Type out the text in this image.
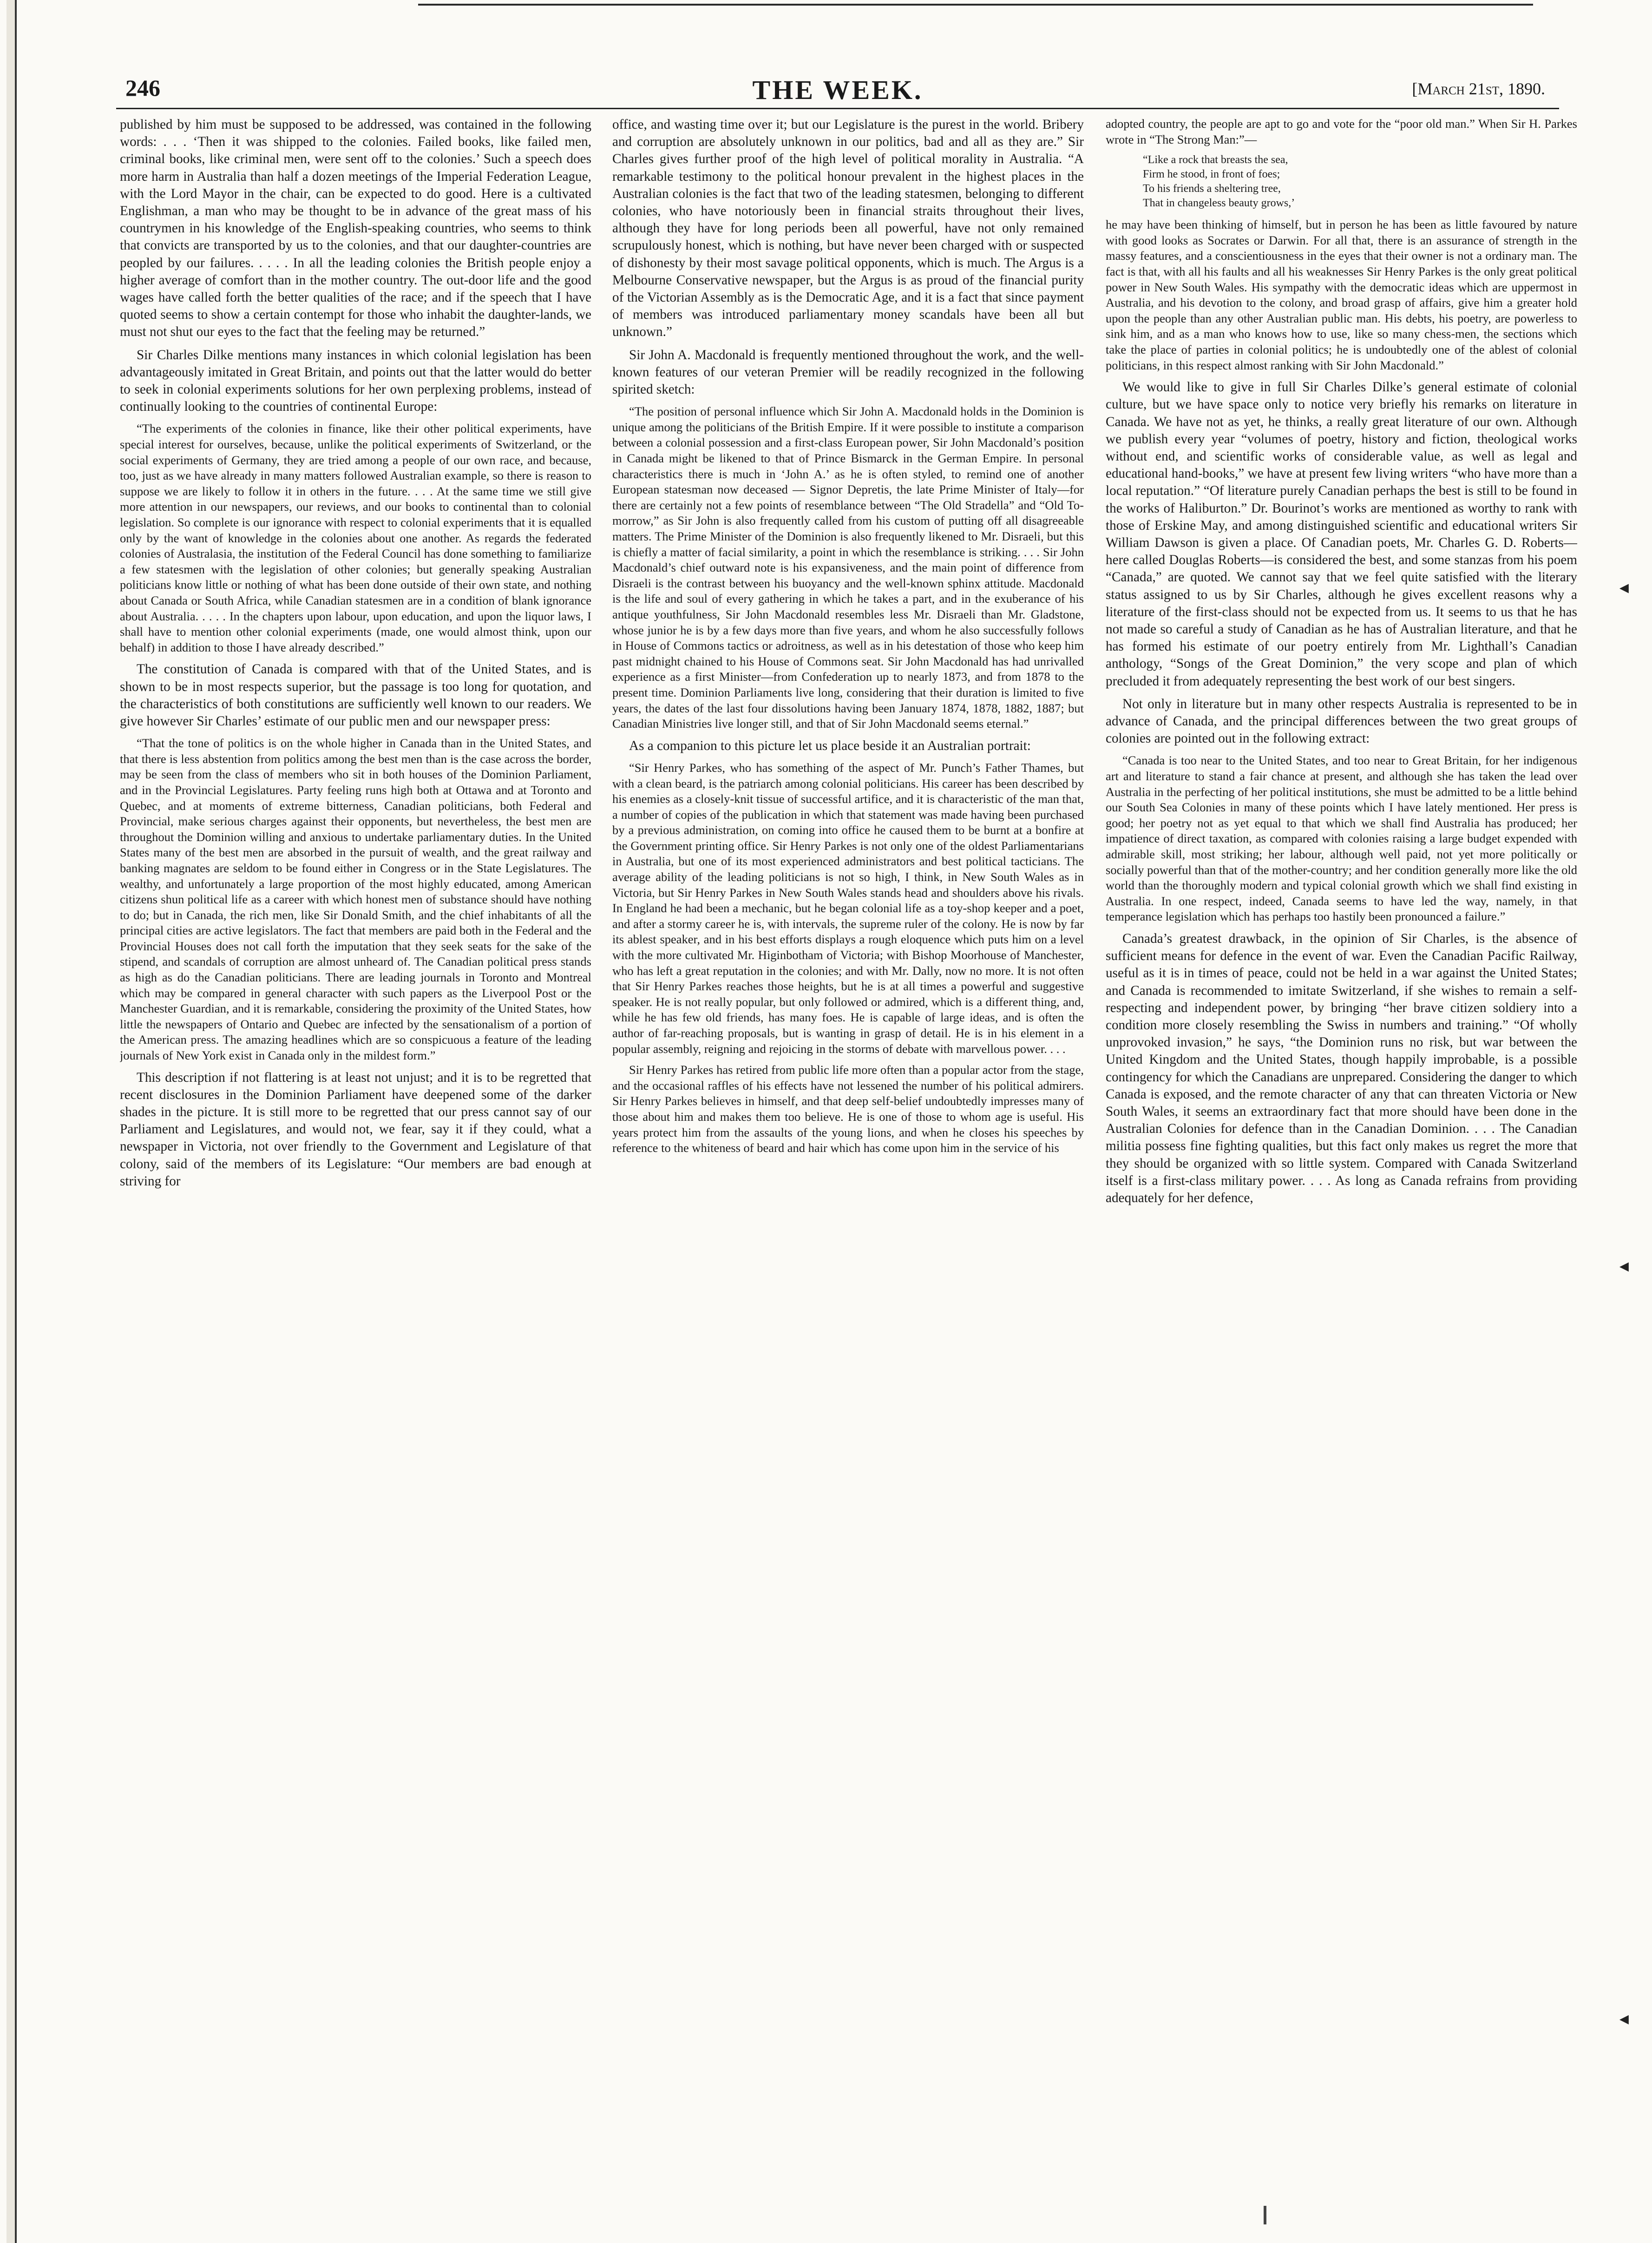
246	THE WEEK.	[March 21st, 1890.

published by him must be supposed to be addressed, was contained in the following words: . . . ‘Then it was shipped to the colonies. Failed books, like failed men, criminal books, like criminal men, were sent off to the colonies.’ Such a speech does more harm in Australia than half a dozen meetings of the Imperial Federation League, with the Lord Mayor in the chair, can be expected to do good. Here is a cultivated Englishman, a man who may be thought to be in advance of the great mass of his countrymen in his knowledge of the English-speaking countries, who seems to think that convicts are transported by us to the colonies, and that our daughter-countries are peopled by our failures. . . . . In all the leading colonies the British people enjoy a higher average of comfort than in the mother country. The out-door life and the good wages have called forth the better qualities of the race; and if the speech that I have quoted seems to show a certain contempt for those who inhabit the daughter-lands, we must not shut our eyes to the fact that the feeling may be returned.”

Sir Charles Dilke mentions many instances in which colonial legislation has been advantageously imitated in Great Britain, and points out that the latter would do better to seek in colonial experiments solutions for her own perplexing problems, instead of continually looking to the countries of continental Europe:

“The experiments of the colonies in finance, like their other political experiments, have special interest for ourselves, because, unlike the political experiments of Switzerland, or the social experiments of Germany, they are tried among a people of our own race, and because, too, just as we have already in many matters followed Australian example, so there is reason to suppose we are likely to follow it in others in the future. . . . At the same time we still give more attention in our newspapers, our reviews, and our books to continental than to colonial legislation. So complete is our ignorance with respect to colonial experiments that it is equalled only by the want of knowledge in the colonies about one another. As regards the federated colonies of Australasia, the institution of the Federal Council has done something to familiarize a few statesmen with the legislation of other colonies; but generally speaking Australian politicians know little or nothing of what has been done outside of their own state, and nothing about Canada or South Africa, while Canadian statesmen are in a condition of blank ignorance about Australia. . . . . In the chapters upon labour, upon education, and upon the liquor laws, I shall have to mention other colonial experiments (made, one would almost think, upon our behalf) in addition to those I have already described.”

The constitution of Canada is compared with that of the United States, and is shown to be in most respects superior, but the passage is too long for quotation, and the characteristics of both constitutions are sufficiently well known to our readers. We give however Sir Charles’ estimate of our public men and our newspaper press:

“That the tone of politics is on the whole higher in Canada than in the United States, and that there is less abstention from politics among the best men than is the case across the border, may be seen from the class of members who sit in both houses of the Dominion Parliament, and in the Provincial Legislatures. Party feeling runs high both at Ottawa and at Toronto and Quebec, and at moments of extreme bitterness, Canadian politicians, both Federal and Provincial, make serious charges against their opponents, but nevertheless, the best men are throughout the Dominion willing and anxious to undertake parliamentary duties. In the United States many of the best men are absorbed in the pursuit of wealth, and the great railway and banking magnates are seldom to be found either in Congress or in the State Legislatures. The wealthy, and unfortunately a large proportion of the most highly educated, among American citizens shun political life as a career with which honest men of substance should have nothing to do; but in Canada, the rich men, like Sir Donald Smith, and the chief inhabitants of all the principal cities are active legislators. The fact that members are paid both in the Federal and the Provincial Houses does not call forth the imputation that they seek seats for the sake of the stipend, and scandals of corruption are almost unheard of. The Canadian political press stands as high as do the Canadian politicians. There are leading journals in Toronto and Montreal which may be compared in general character with such papers as the Liverpool Post or the Manchester Guardian, and it is remarkable, considering the proximity of the United States, how little the newspapers of Ontario and Quebec are infected by the sensationalism of a portion of the American press. The amazing headlines which are so conspicuous a feature of the leading journals of New York exist in Canada only in the mildest form.”

This description if not flattering is at least not unjust; and it is to be regretted that recent disclosures in the Dominion Parliament have deepened some of the darker shades in the picture. It is still more to be regretted that our press cannot say of our Parliament and Legislatures, and would not, we fear, say it if they could, what a newspaper in Victoria, not over friendly to the Government and Legislature of that colony, said of the members of its Legislature: “Our members are bad enough at striving for

office, and wasting time over it; but our Legislature is the purest in the world. Bribery and corruption are absolutely unknown in our politics, bad and all as they are.” Sir Charles gives further proof of the high level of political morality in Australia. “A remarkable testimony to the political honour prevalent in the highest places in the Australian colonies is the fact that two of the leading statesmen, belonging to different colonies, who have notoriously been in financial straits throughout their lives, although they have for long periods been all powerful, have not only remained scrupulously honest, which is nothing, but have never been charged with or suspected of dishonesty by their most savage political opponents, which is much. The Argus is a Melbourne Conservative newspaper, but the Argus is as proud of the financial purity of the Victorian Assembly as is the Democratic Age, and it is a fact that since payment of members was introduced parliamentary money scandals have been all but unknown.”

Sir John A. Macdonald is frequently mentioned throughout the work, and the well-known features of our veteran Premier will be readily recognized in the following spirited sketch:

“The position of personal influence which Sir John A. Macdonald holds in the Dominion is unique among the politicians of the British Empire. If it were possible to institute a comparison between a colonial possession and a first-class European power, Sir John Macdonald’s position in Canada might be likened to that of Prince Bismarck in the German Empire. In personal characteristics there is much in ‘John A.’ as he is often styled, to remind one of another European statesman now deceased — Signor Depretis, the late Prime Minister of Italy—for there are certainly not a few points of resemblance between “The Old Stradella” and “Old To-morrow,” as Sir John is also frequently called from his custom of putting off all disagreeable matters. The Prime Minister of the Dominion is also frequently likened to Mr. Disraeli, but this is chiefly a matter of facial similarity, a point in which the resemblance is striking. . . . Sir John Macdonald’s chief outward note is his expansiveness, and the main point of difference from Disraeli is the contrast between his buoyancy and the well-known sphinx attitude. Macdonald is the life and soul of every gathering in which he takes a part, and in the exuberance of his antique youthfulness, Sir John Macdonald resembles less Mr. Disraeli than Mr. Gladstone, whose junior he is by a few days more than five years, and whom he also successfully follows in House of Commons tactics or adroitness, as well as in his detestation of those who keep him past midnight chained to his House of Commons seat. Sir John Macdonald has had unrivalled experience as a first Minister—from Confederation up to nearly 1873, and from 1878 to the present time. Dominion Parliaments live long, considering that their duration is limited to five years, the dates of the last four dissolutions having been January 1874, 1878, 1882, 1887; but Canadian Ministries live longer still, and that of Sir John Macdonald seems eternal.”

As a companion to this picture let us place beside it an Australian portrait:

“Sir Henry Parkes, who has something of the aspect of Mr. Punch’s Father Thames, but with a clean beard, is the patriarch among colonial politicians. His career has been described by his enemies as a closely-knit tissue of successful artifice, and it is characteristic of the man that, a number of copies of the publication in which that statement was made having been purchased by a previous administration, on coming into office he caused them to be burnt at a bonfire at the Government printing office. Sir Henry Parkes is not only one of the oldest Parliamentarians in Australia, but one of its most experienced administrators and best political tacticians. The average ability of the leading politicians is not so high, I think, in New South Wales as in Victoria, but Sir Henry Parkes in New South Wales stands head and shoulders above his rivals. In England he had been a mechanic, but he began colonial life as a toy-shop keeper and a poet, and after a stormy career he is, with intervals, the supreme ruler of the colony. He is now by far its ablest speaker, and in his best efforts displays a rough eloquence which puts him on a level with the more cultivated Mr. Higinbotham of Victoria; with Bishop Moorhouse of Manchester, who has left a great reputation in the colonies; and with Mr. Dally, now no more. It is not often that Sir Henry Parkes reaches those heights, but he is at all times a powerful and suggestive speaker. He is not really popular, but only followed or admired, which is a different thing, and, while he has few old friends, has many foes. He is capable of large ideas, and is often the author of far-reaching proposals, but is wanting in grasp of detail. He is in his element in a popular assembly, reigning and rejoicing in the storms of debate with marvellous power. . . .

Sir Henry Parkes has retired from public life more often than a popular actor from the stage, and the occasional raffles of his effects have not lessened the number of his political admirers. Sir Henry Parkes believes in himself, and that deep self-belief undoubtedly impresses many of those about him and makes them too believe. He is one of those to whom age is useful. His years protect him from the assaults of the young lions, and when he closes his speeches by reference to the whiteness of beard and hair which has come upon him in the service of his

adopted country, the people are apt to go and vote for the “poor old man.” When Sir H. Parkes wrote in “The Strong Man:”—

“Like a rock that breasts the sea,
Firm he stood, in front of foes;
To his friends a sheltering tree,
That in changeless beauty grows,’

he may have been thinking of himself, but in person he has been as little favoured by nature with good looks as Socrates or Darwin. For all that, there is an assurance of strength in the massy features, and a conscientiousness in the eyes that their owner is not a ordinary man. The fact is that, with all his faults and all his weaknesses Sir Henry Parkes is the only great political power in New South Wales. His sympathy with the democratic ideas which are uppermost in Australia, and his devotion to the colony, and broad grasp of affairs, give him a greater hold upon the people than any other Australian public man. His debts, his poetry, are powerless to sink him, and as a man who knows how to use, like so many chess-men, the sections which take the place of parties in colonial politics; he is undoubtedly one of the ablest of colonial politicians, in this respect almost ranking with Sir John Macdonald.”

We would like to give in full Sir Charles Dilke’s general estimate of colonial culture, but we have space only to notice very briefly his remarks on literature in Canada. We have not as yet, he thinks, a really great literature of our own. Although we publish every year “volumes of poetry, history and fiction, theological works without end, and scientific works of considerable value, as well as legal and educational hand-books,” we have at present few living writers “who have more than a local reputation.” “Of literature purely Canadian perhaps the best is still to be found in the works of Haliburton.” Dr. Bourinot’s works are mentioned as worthy to rank with those of Erskine May, and among distinguished scientific and educational writers Sir William Dawson is given a place. Of Canadian poets, Mr. Charles G. D. Roberts—here called Douglas Roberts—is considered the best, and some stanzas from his poem “Canada,” are quoted. We cannot say that we feel quite satisfied with the literary status assigned to us by Sir Charles, although he gives excellent reasons why a literature of the first-class should not be expected from us. It seems to us that he has not made so careful a study of Canadian as he has of Australian literature, and that he has formed his estimate of our poetry entirely from Mr. Lighthall’s Canadian anthology, “Songs of the Great Dominion,” the very scope and plan of which precluded it from adequately representing the best work of our best singers.

Not only in literature but in many other respects Australia is represented to be in advance of Canada, and the principal differences between the two great groups of colonies are pointed out in the following extract:

“Canada is too near to the United States, and too near to Great Britain, for her indigenous art and literature to stand a fair chance at present, and although she has taken the lead over Australia in the perfecting of her political institutions, she must be admitted to be a little behind our South Sea Colonies in many of these points which I have lately mentioned. Her press is good; her poetry not as yet equal to that which we shall find Australia has produced; her impatience of direct taxation, as compared with colonies raising a large budget expended with admirable skill, most striking; her labour, although well paid, not yet more politically or socially powerful than that of the mother-country; and her condition generally more like the old world than the thoroughly modern and typical colonial growth which we shall find existing in Australia. In one respect, indeed, Canada seems to have led the way, namely, in that temperance legislation which has perhaps too hastily been pronounced a failure.”

Canada’s greatest drawback, in the opinion of Sir Charles, is the absence of sufficient means for defence in the event of war. Even the Canadian Pacific Railway, useful as it is in times of peace, could not be held in a war against the United States; and Canada is recommended to imitate Switzerland, if she wishes to remain a self-respecting and independent power, by bringing “her brave citizen soldiery into a condition more closely resembling the Swiss in numbers and training.” “Of wholly unprovoked invasion,” he says, “the Dominion runs no risk, but war between the United Kingdom and the United States, though happily improbable, is a possible contingency for which the Canadians are unprepared. Considering the danger to which Canada is exposed, and the remote character of any that can threaten Victoria or New South Wales, it seems an extraordinary fact that more should have been done in the Australian Colonies for defence than in the Canadian Dominion. . . . The Canadian militia possess fine fighting qualities, but this fact only makes us regret the more that they should be organized with so little system. Compared with Canada Switzerland itself is a first-class military power. . . . As long as Canada refrains from providing adequately for her defence,

◂
◂
◂
